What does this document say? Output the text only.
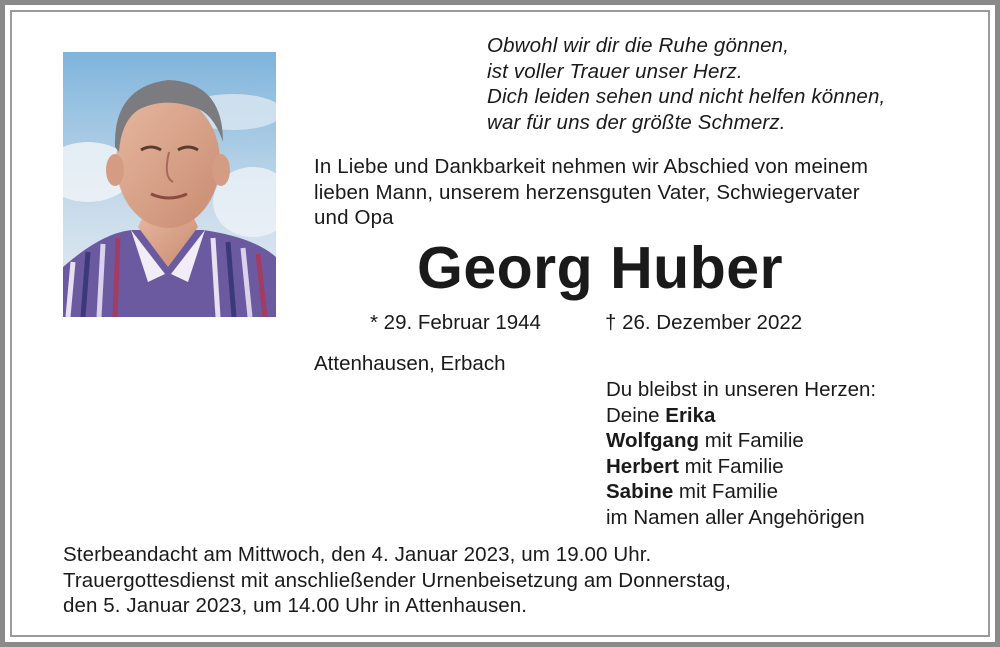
Obwohl wir dir die Ruhe gönnen,
ist voller Trauer unser Herz.
Dich leiden sehen und nicht helfen können,
war für uns der größte Schmerz.
In Liebe und Dankbarkeit nehmen wir Abschied von meinem
lieben Mann, unserem herzensguten Vater, Schwiegervater
und Opa
Georg Huber
* 29. Februar 1944	† 26. Dezember 2022
Attenhausen, Erbach
Du bleibst in unseren Herzen:
Deine Erika
Wolfgang mit Familie
Herbert mit Familie
Sabine mit Familie
im Namen aller Angehörigen
Sterbeandacht am Mittwoch, den 4. Januar 2023, um 19.00 Uhr.
Trauergottesdienst mit anschließender Urnenbeisetzung am Donnerstag,
den 5. Januar 2023, um 14.00 Uhr in Attenhausen.
